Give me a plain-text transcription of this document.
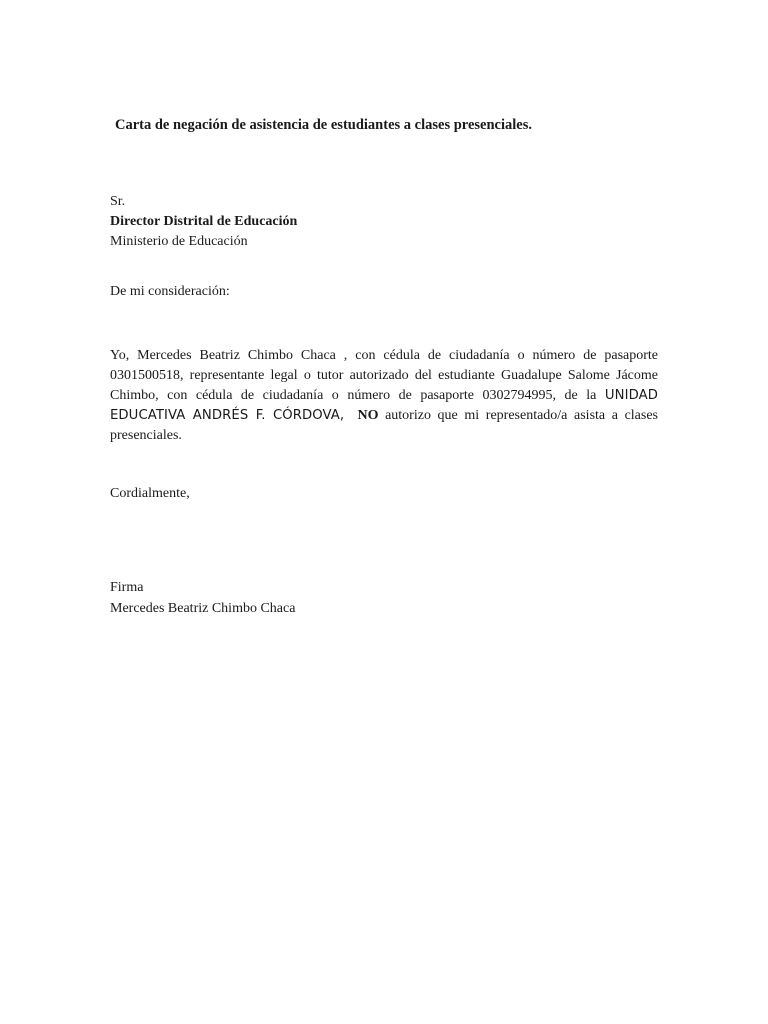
Carta de negación de asistencia de estudiantes a clases presenciales.
Sr.
Director Distrital de Educación
Ministerio de Educación
De mi consideración:
Yo, Mercedes Beatriz Chimbo Chaca , con cédula de ciudadanía o número de pasaporte 0301500518, representante legal o tutor autorizado del estudiante Guadalupe Salome Jácome Chimbo, con cédula de ciudadanía o número de pasaporte 0302794995, de la UNIDAD EDUCATIVA ANDRÉS F. CÓRDOVA, NO autorizo que mi representado/a asista a clases presenciales.
Cordialmente,
Firma
Mercedes Beatriz Chimbo Chaca
